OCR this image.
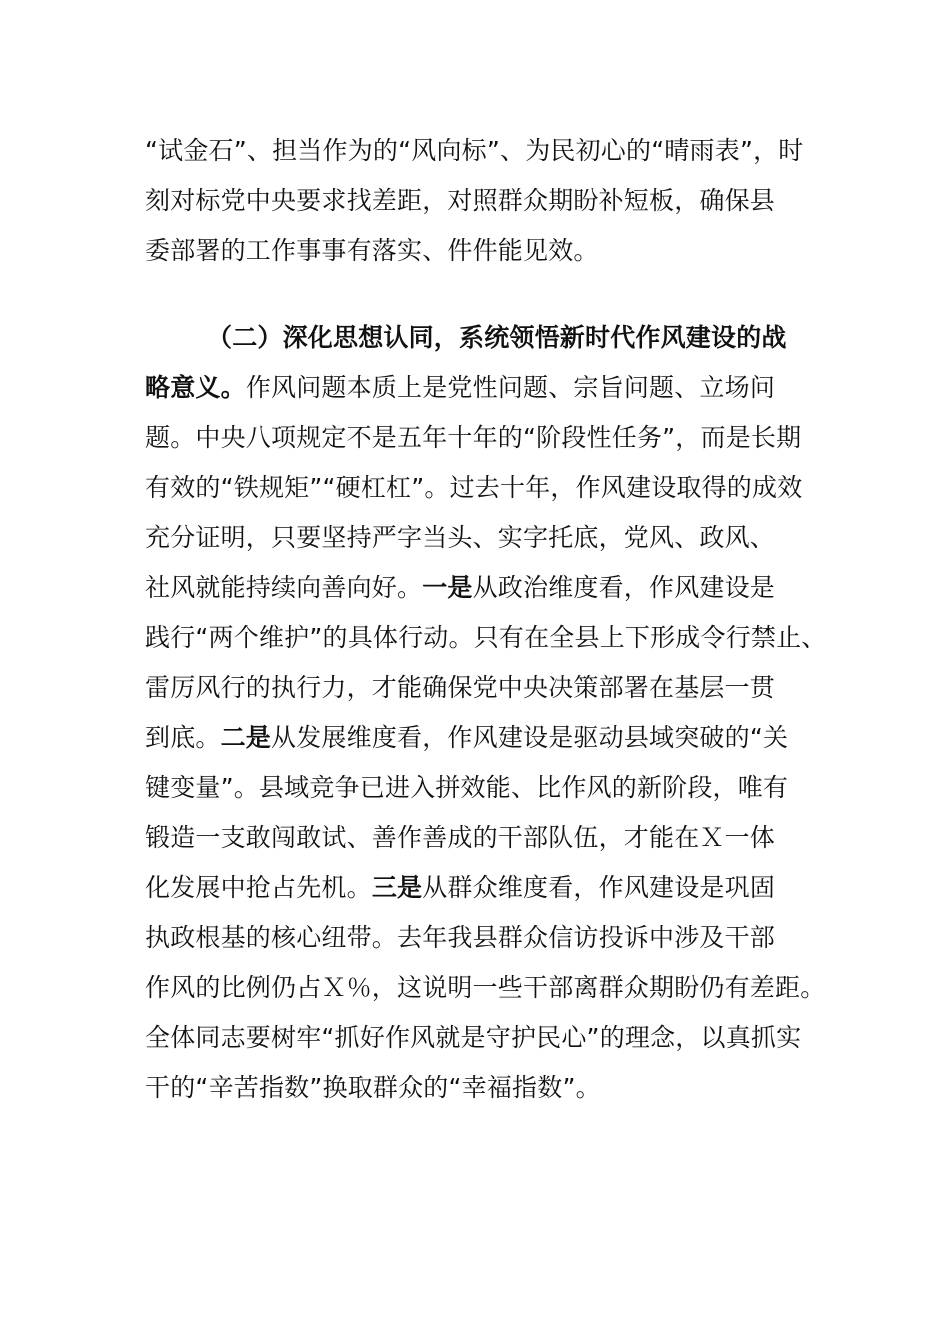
“试金石”、担当作为的“风向标”、为民初心的“晴雨表”，时
刻对标党中央要求找差距，对照群众期盼补短板，确保县
委部署的工作事事有落实、件件能见效。
（二）深化思想认同，系统领悟新时代作风建设的战
略意义。作风问题本质上是党性问题、宗旨问题、立场问
题。中央八项规定不是五年十年的“阶段性任务”，而是长期
有效的“铁规矩”“硬杠杠”。过去十年，作风建设取得的成效
充分证明，只要坚持严字当头、实字托底，党风、政风、
社风就能持续向善向好。一是从政治维度看，作风建设是
践行“两个维护”的具体行动。只有在全县上下形成令行禁止、
雷厉风行的执行力，才能确保党中央决策部署在基层一贯
到底。二是从发展维度看，作风建设是驱动县域突破的“关
键变量”。县域竞争已进入拼效能、比作风的新阶段，唯有
锻造一支敢闯敢试、善作善成的干部队伍，才能在Ｘ一体
化发展中抢占先机。三是从群众维度看，作风建设是巩固
执政根基的核心纽带。去年我县群众信访投诉中涉及干部
作风的比例仍占Ｘ％，这说明一些干部离群众期盼仍有差距。
全体同志要树牢“抓好作风就是守护民心”的理念，以真抓实
干的“辛苦指数”换取群众的“幸福指数”。
